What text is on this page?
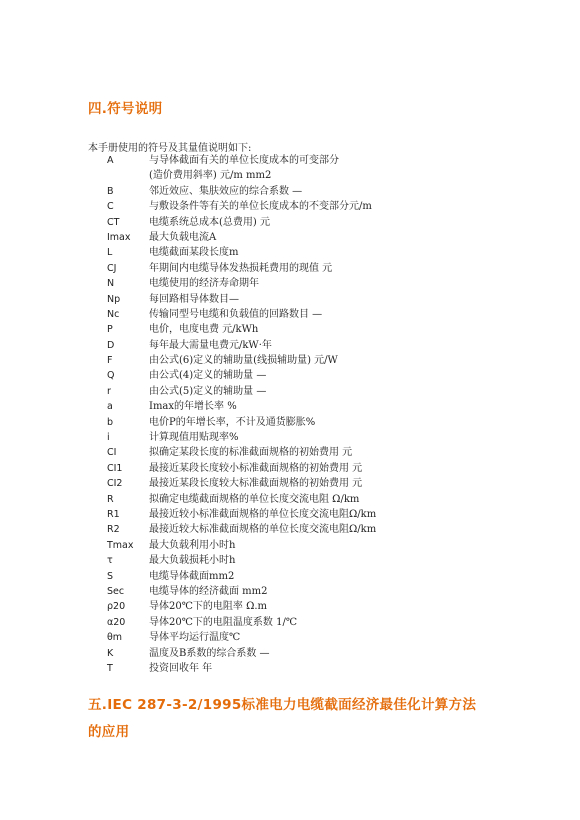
四.符号说明
本手册使用的符号及其量值说明如下:
A	与导体截面有关的单位长度成本的可变部分
(造价费用斜率) 元/m mm2
B	邻近效应、集肤效应的综合系数 —
C	与敷设条件等有关的单位长度成本的不变部分元/m
CT	电缆系统总成本(总费用) 元
Imax 最大负载电流A
L	电缆截面某段长度m
CJ	年期间内电缆导体发热损耗费用的现值 元
N	电缆使用的经济寿命期年
Np	每回路相导体数目—
Nc	传输同型号电缆和负载值的回路数目 —
P	电价，电度电费 元/kWh
D	每年最大需量电费元/kW·年
F	由公式(6)定义的辅助量(线损辅助量) 元/W
Q	由公式(4)定义的辅助量 —
r	由公式(5)定义的辅助量 —
a	Imax的年增长率 %
b	电价P的年增长率，不计及通货膨胀%
i	计算现值用贴现率%
CI	拟确定某段长度的标准截面规格的初始费用 元
CI1	最接近某段长度较小标准截面规格的初始费用 元
CI2	最接近某段长度较大标准截面规格的初始费用 元
R	拟确定电缆截面规格的单位长度交流电阻 Ω/km
R1	最接近较小标准截面规格的单位长度交流电阻Ω/km
R2	最接近较大标准截面规格的单位长度交流电阻Ω/km
Tmax 最大负载利用小时h
τ	最大负载损耗小时h
S	电缆导体截面mm2
Sec 电缆导体的经济截面 mm2
ρ20 导体20℃下的电阻率 Ω.m
α20 导体20℃下的电阻温度系数 1/℃
θm	导体平均运行温度℃
K	温度及B系数的综合系数 —
T	投资回收年 年
五.IEC 287-3-2/1995标准电力电缆截面经济最佳化计算方法
的应用
